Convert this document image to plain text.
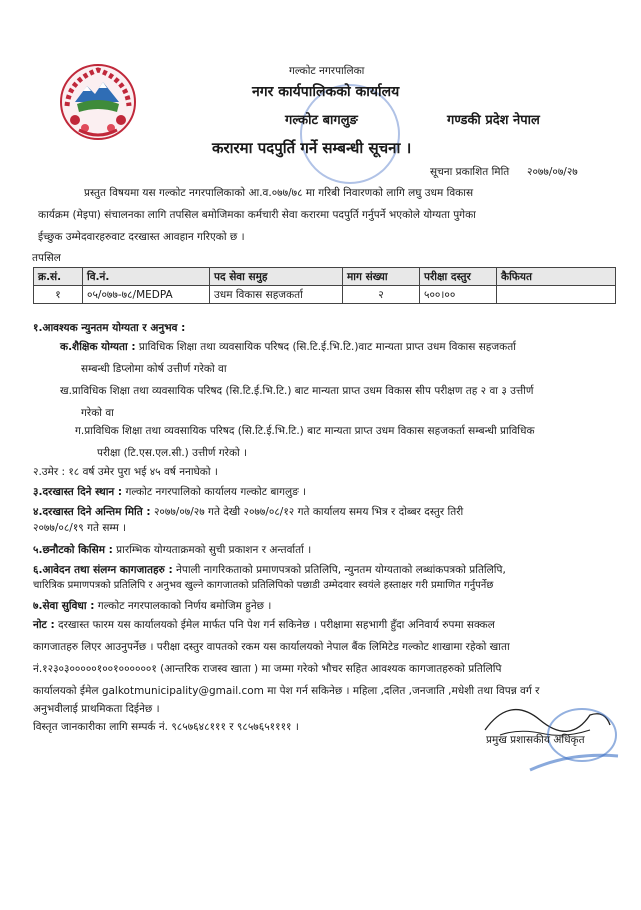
गल्कोट नगरपालिका
नगर कार्यपालिकको कार्यालय
गल्कोट बागलुङ	गण्डकी प्रदेश नेपाल
करारमा पदपुर्ति गर्ने सम्बन्धी सूचना ।
सूचना प्रकाशित मिति २०७७/०७/२७
प्रस्तुत विषयमा यस गल्कोट नगरपालिकाको आ.व.०७७/७८ मा गरिबी निवारणको लागि लघु उधम विकास
कार्यक्रम (मेइपा) संचालनका लागि तपसिल बमोजिमका कर्मचारी सेवा करारमा पदपुर्ति गर्नुपर्ने भएकोले योग्यता पुगेका
ईच्छुक उम्मेदवारहरुवाट दरखास्त आवहान गरिएको छ ।
तपसिल
क्र.सं.	वि.नं.	पद सेवा समुह	माग संख्या	परीक्षा दस्तुर	कैफियत
१	०५/०७७-७८/MEDPA	उधम विकास सहजकर्ता	२	५००।००	
१.आवश्यक न्युनतम योग्यता र अनुभव :
क.शैक्षिक योग्यता : प्राविधिक शिक्षा तथा व्यवसायिक परिषद (सि.टि.ई.भि.टि.)वाट मान्यता प्राप्त उधम विकास सहजकर्ता
सम्बन्धी डिप्लोमा कोर्ष उत्तीर्ण गरेको वा
ख.प्राविधिक शिक्षा तथा व्यवसायिक परिषद (सि.टि.ई.भि.टि.) बाट मान्यता प्राप्त उधम विकास सीप परीक्षण तह २ वा ३ उत्तीर्ण
गरेको वा
ग.प्राविधिक शिक्षा तथा व्यवसायिक परिषद (सि.टि.ई.भि.टि.) बाट मान्यता प्राप्त उधम विकास सहजकर्ता सम्बन्धी प्राविधिक
परीक्षा (टि.एस.एल.सी.) उत्तीर्ण गरेको ।
२.उमेर : १८ वर्ष उमेर पुरा भई ४५ वर्ष ननाघेको ।
३.दरखास्त दिने स्थान : गल्कोट नगरपालिको कार्यालय गल्कोट बागलुङ ।
४.दरखास्त दिने अन्तिम मिति : २०७७/०७/२७ गते देखी २०७७/०८/१२ गते कार्यालय समय भित्र र दोब्बर दस्तुर तिरी
२०७७/०८/१९ गते सम्म ।
५.छनौटको किसिम : प्रारम्भिक योग्यताक्रमको सुची प्रकाशन र अन्तर्वार्ता ।
६.आवेदन तथा संलग्न कागजातहरु : नेपाली नागरिकताको प्रमाणपत्रको प्रतिलिपि, न्युनतम योग्यताको लब्धांकपत्रको प्रतिलिपि,
चारित्रिक प्रमाणपत्रको प्रतिलिपि र अनुभव खुल्ने कागजातको प्रतिलिपिको पछाडी उम्मेदवार स्वयंले हस्ताक्षर गरी प्रमाणित गर्नुपर्नेछ
७.सेवा सुविधा : गल्कोट नगरपालकाको निर्णय बमोजिम हुनेछ ।
नोट : दरखास्त फारम यस कार्यालयको ईमेल मार्फत पनि पेश गर्न सकिनेछ । परीक्षामा सहभागी हुँदा अनिवार्य रुपमा सक्कल
कागजातहरु लिएर आउनुपर्नेछ । परीक्षा दस्तुर वापतको रकम यस कार्यालयको नेपाल बैंक लिमिटेड गल्कोट शाखामा रहेको खाता
नं.१२३०३०००००१००१००००००१ (आन्तरिक राजस्व खाता ) मा जम्मा गरेको भौचर सहित आवश्यक कागजातहरुको प्रतिलिपि
कार्यालयको ईमेल galkotmunicipality@gmail.com मा पेश गर्न सकिनेछ । महिला ,दलित ,जनजाति ,मधेशी तथा विपन्न वर्ग र
अनुभवीलाई प्राथमिकता दिईनेछ ।
विस्तृत जानकारीका लागि सम्पर्क नं. ९८५७६४८१११ र ९८५७६५११११ ।
प्रमुख प्रशासकीय अधिकृत
